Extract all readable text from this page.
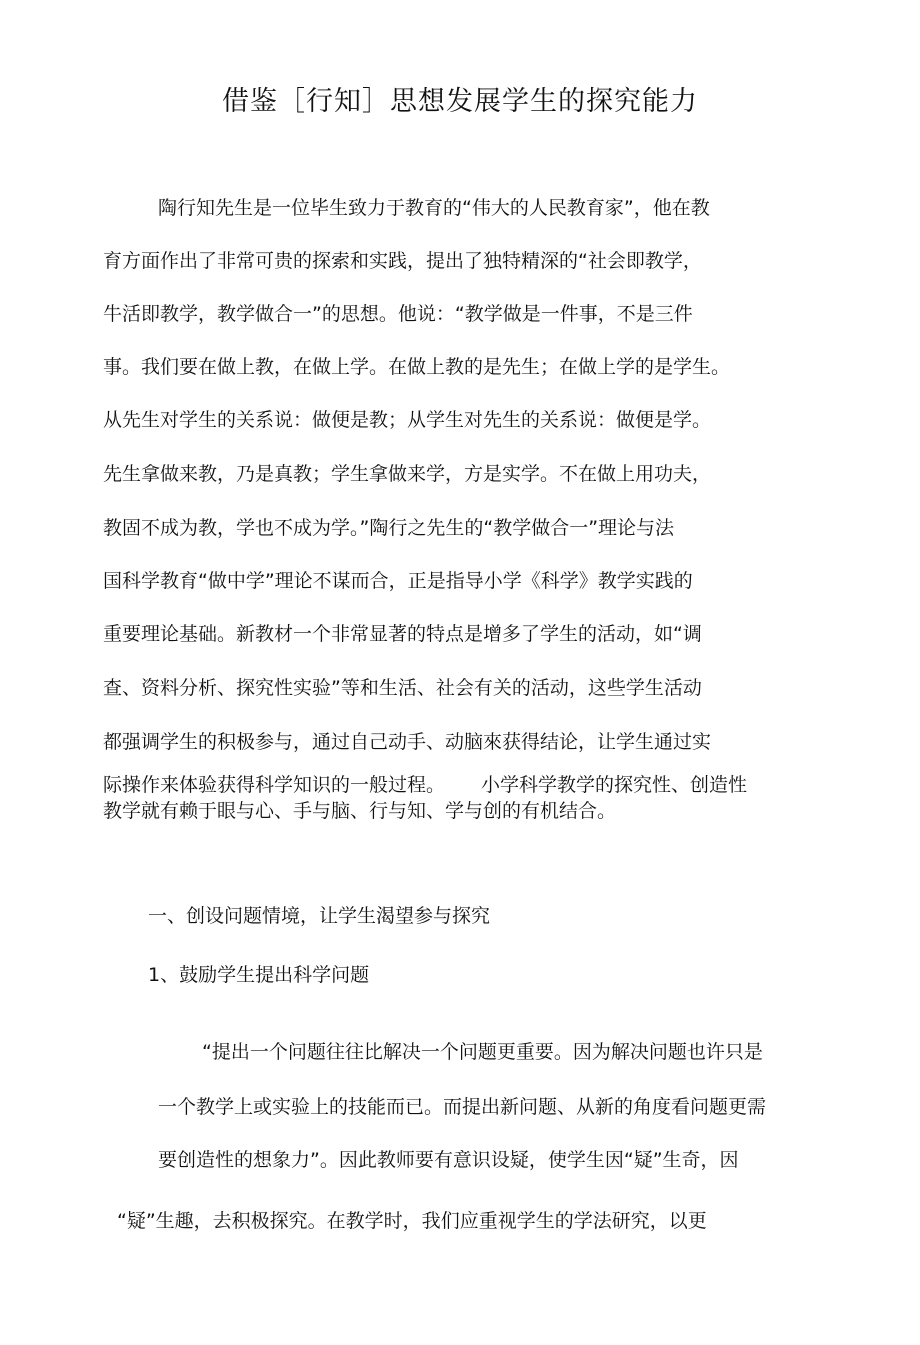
借鉴［行知］思想发展学生的探究能力
陶行知先生是一位毕生致力于教育的“伟大的人民教育家”，他在教
育方面作出了非常可贵的探索和实践，提出了独特精深的“社会即教学，
牛活即教学，教学做合一”的思想。他说：“教学做是一件事，不是三件
事。我们要在做上教，在做上学。在做上教的是先生；在做上学的是学生。
从先生对学生的关系说：做便是教；从学生对先生的关系说：做便是学。
先生拿做来教，乃是真教；学生拿做来学，方是实学。不在做上用功夫，
教固不成为教，学也不成为学。”陶行之先生的“教学做合一”理论与法
国科学教育“做中学”理论不谋而合，正是指导小学《科学》教学实践的
重要理论基础。新教材一个非常显著的特点是增多了学生的活动，如“调
查、资料分析、探究性实验”等和生活、社会有关的活动，这些学生活动
都强调学生的积极参与，通过自己动手、动脑來获得结论，让学生通过实
际操作来体验获得科学知识的一般过程。 小学科学教学的探究性、创造性
教学就有赖于眼与心、手与脑、行与知、学与创的有机结合。
一、创设问题情境，让学生渴望参与探究
1、鼓励学生提出科学问题
“提出一个问题往往比解决一个问题更重要。因为解决问题也许只是
一个教学上或实验上的技能而已。而提出新问题、从新的角度看问题更需
要创造性的想象力”。因此教师要有意识设疑，使学生因“疑”生奇，因
“疑”生趣，去积极探究。在教学时，我们应重视学生的学法研究，以更
